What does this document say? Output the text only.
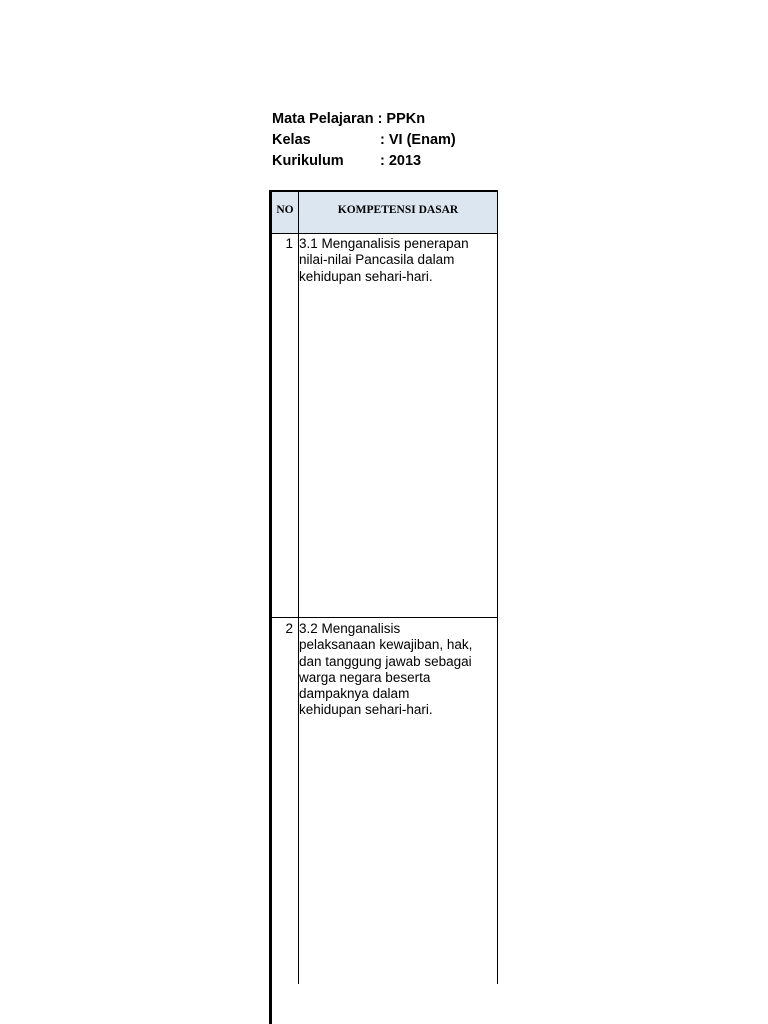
Mata Pelajaran : PPKn
Kelas	: VI (Enam)
Kurikulum	: 2013
NO	KOMPETENSI DASAR
1 3.1 Menganalisis penerapan
nilai-nilai Pancasila dalam
kehidupan sehari-hari.
2 3.2 Menganalisis
pelaksanaan kewajiban, hak,
dan tanggung jawab sebagai
warga negara beserta
dampaknya dalam
kehidupan sehari-hari.
